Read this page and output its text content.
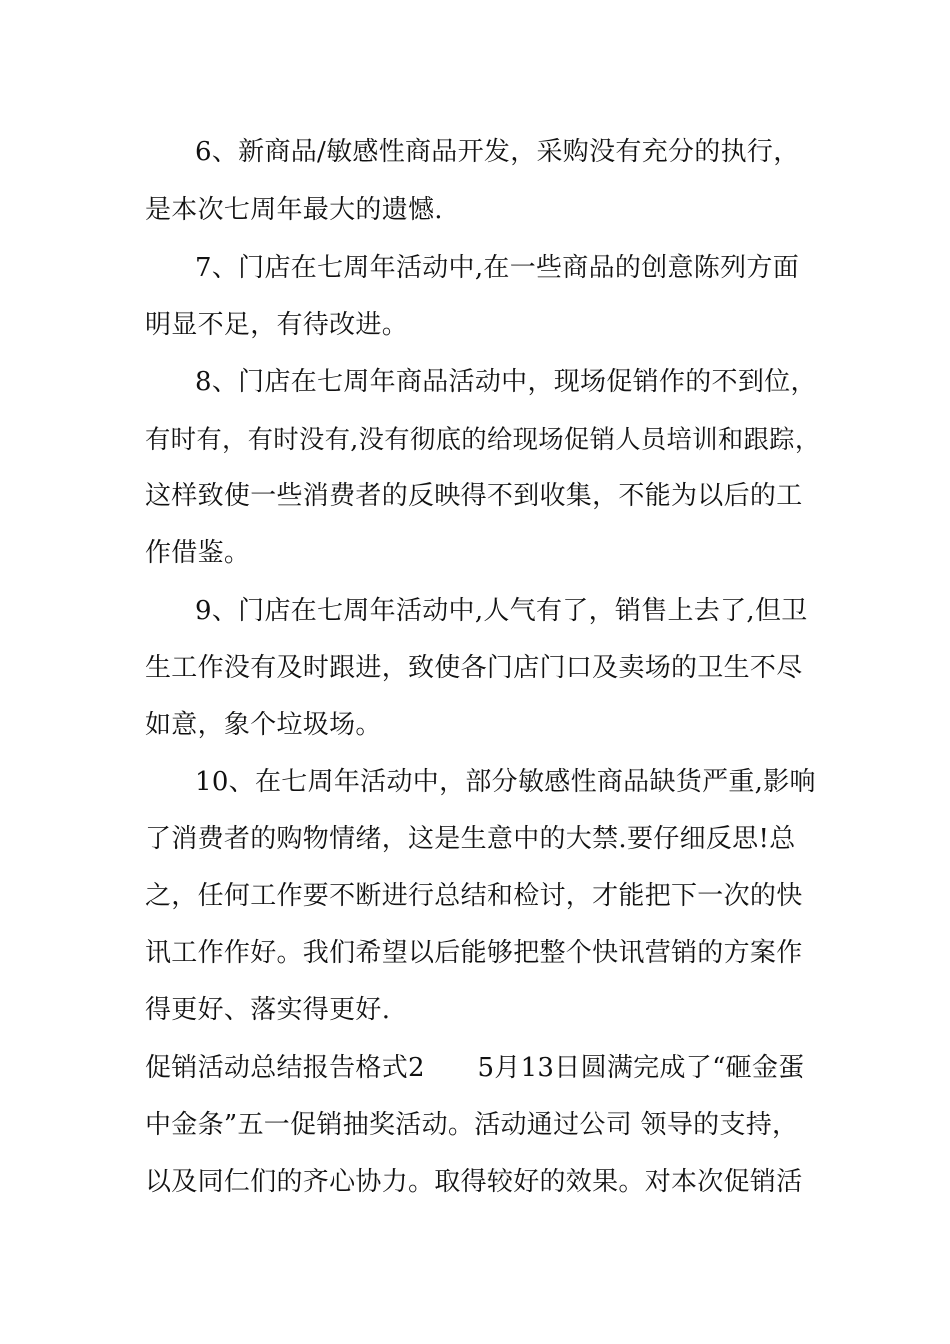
6、新商品/敏感性商品开发，采购没有充分的执行，
是本次七周年最大的遗憾.
7、门店在七周年活动中,在一些商品的创意陈列方面
明显不足，有待改进。
8、门店在七周年商品活动中，现场促销作的不到位，
有时有，有时没有,没有彻底的给现场促销人员培训和跟踪，
这样致使一些消费者的反映得不到收集，不能为以后的工
作借鉴。
9、门店在七周年活动中,人气有了，销售上去了,但卫
生工作没有及时跟进，致使各门店门口及卖场的卫生不尽
如意，象个垃圾场。
10、在七周年活动中，部分敏感性商品缺货严重,影响
了消费者的购物情绪，这是生意中的大禁.要仔细反思!总
之，任何工作要不断进行总结和检讨，才能把下一次的快
讯工作作好。我们希望以后能够把整个快讯营销的方案作
得更好、落实得更好.
促销活动总结报告格式2　　5月13日圆满完成了“砸金蛋
中金条”五一促销抽奖活动。活动通过公司 领导的支持，
以及同仁们的齐心协力。取得较好的效果。对本次促销活
